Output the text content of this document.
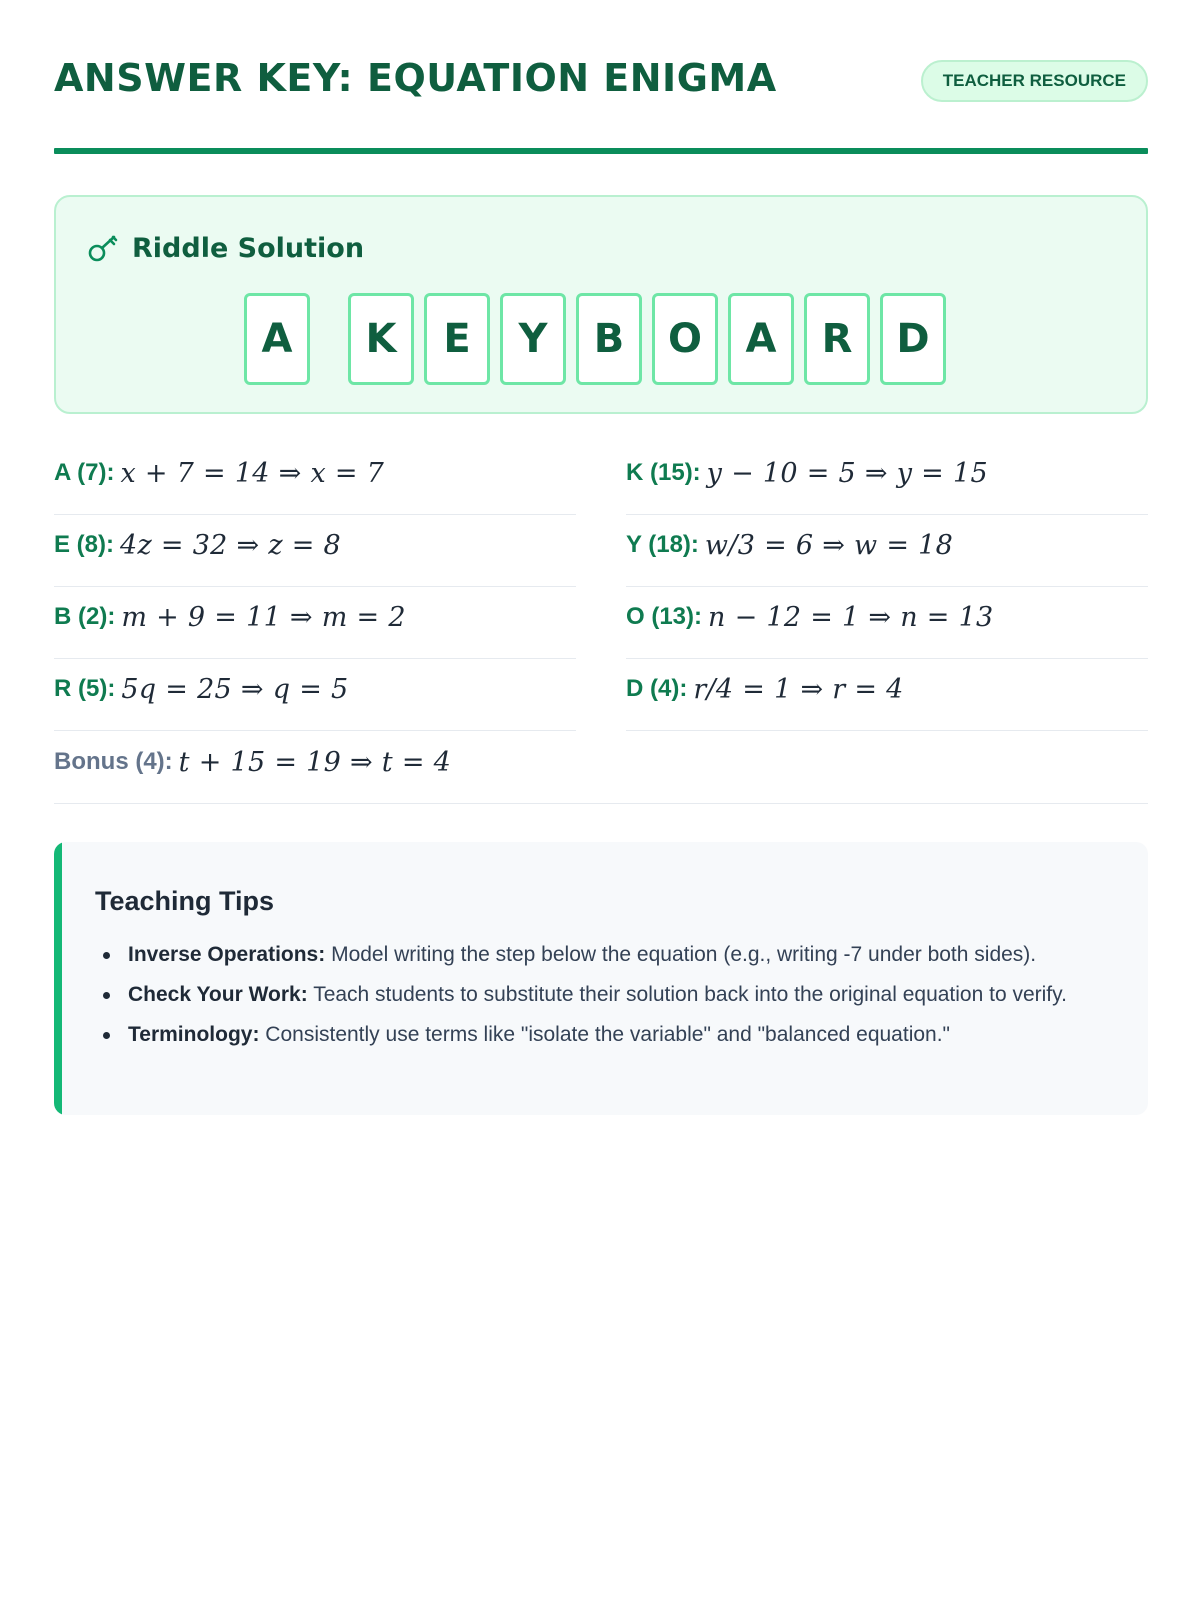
ANSWER KEY: EQUATION ENIGMA	TEACHER RESOURCE
Riddle Solution
A	K	E	Y	B	O	A	R	D
A (7): x + 7 = 14 ⇒ x = 7	K (15): y − 10 = 5 ⇒ y = 15
E (8): 4z = 32 ⇒ z = 8	Y (18): w/3 = 6 ⇒ w = 18
B (2): m + 9 = 11 ⇒ m = 2	O (13): n − 12 = 1 ⇒ n = 13
R (5): 5q = 25 ⇒ q = 5	D (4): r/4 = 1 ⇒ r = 4
Bonus (4): t + 15 = 19 ⇒ t = 4
Teaching Tips
Inverse Operations: Model writing the step below the equation (e.g., writing -7 under both sides).
Check Your Work: Teach students to substitute their solution back into the original equation to verify.
Terminology: Consistently use terms like "isolate the variable" and "balanced equation."
